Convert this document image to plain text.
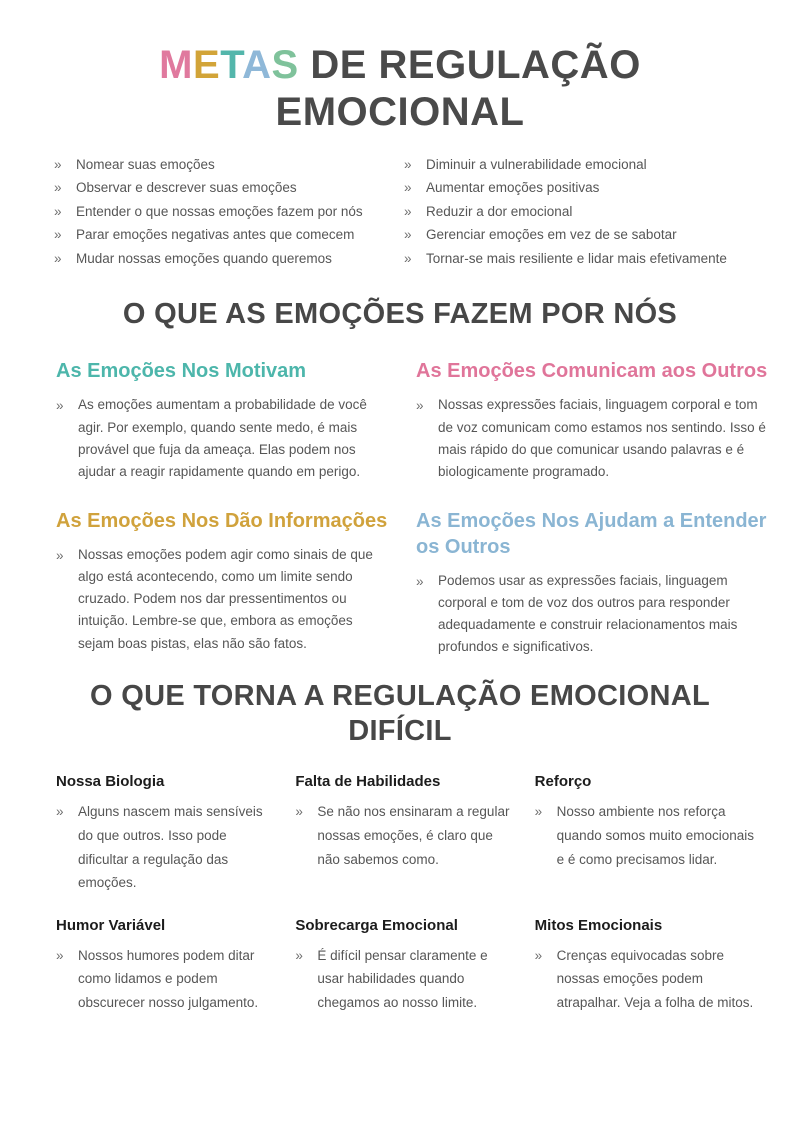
METAS DE REGULAÇÃO
EMOCIONAL
»	Nomear suas emoções
»	Observar e descrever suas emoções
»	Entender o que nossas emoções fazem por nós
»	Parar emoções negativas antes que comecem
»	Mudar nossas emoções quando queremos
»	Diminuir a vulnerabilidade emocional
»	Aumentar emoções positivas
»	Reduzir a dor emocional
»	Gerenciar emoções em vez de se sabotar
»	Tornar-se mais resiliente e lidar mais efetivamente
O QUE AS EMOÇÕES FAZEM POR NÓS
As Emoções Nos Motivam
»	As emoções aumentam a probabilidade de você agir. Por exemplo, quando sente medo, é mais provável que fuja da ameaça. Elas podem nos ajudar a reagir rapidamente quando em perigo.
As Emoções Comunicam aos Outros
»	Nossas expressões faciais, linguagem corporal e tom de voz comunicam como estamos nos sentindo. Isso é mais rápido do que comunicar usando palavras e é biologicamente programado.
As Emoções Nos Dão Informações
»	Nossas emoções podem agir como sinais de que algo está acontecendo, como um limite sendo cruzado. Podem nos dar pressentimentos ou intuição. Lembre-se que, embora as emoções sejam boas pistas, elas não são fatos.
As Emoções Nos Ajudam a Entender os Outros
»	Podemos usar as expressões faciais, linguagem corporal e tom de voz dos outros para responder adequadamente e construir relacionamentos mais profundos e significativos.
O QUE TORNA A REGULAÇÃO EMOCIONAL DIFÍCIL
Nossa Biologia
»	Alguns nascem mais sensíveis do que outros. Isso pode dificultar a regulação das emoções.
Falta de Habilidades
»	Se não nos ensinaram a regular nossas emoções, é claro que não sabemos como.
Reforço
»	Nosso ambiente nos reforça quando somos muito emocionais e é como precisamos lidar.
Humor Variável
»	Nossos humores podem ditar como lidamos e podem obscurecer nosso julgamento.
Sobrecarga Emocional
»	É difícil pensar claramente e usar habilidades quando chegamos ao nosso limite.
Mitos Emocionais
»	Crenças equivocadas sobre nossas emoções podem atrapalhar. Veja a folha de mitos.
